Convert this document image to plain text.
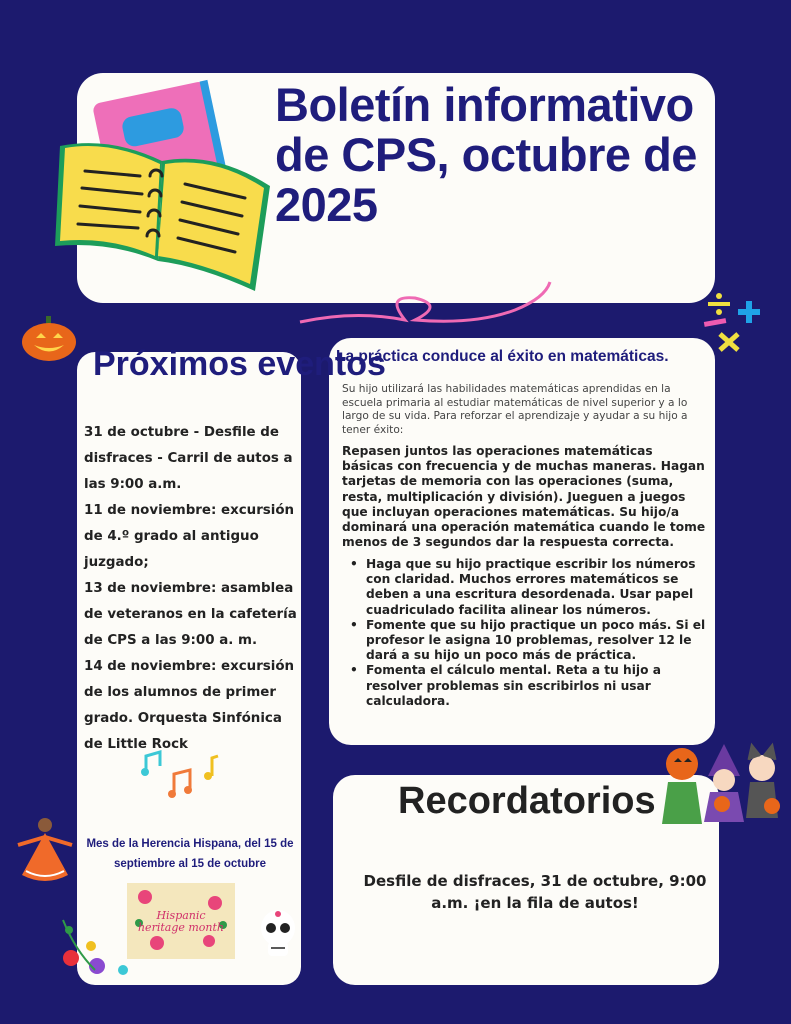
Boletín informativo de CPS, octubre de 2025
Próximos eventos

31 de octubre - Desfile de disfraces - Carril de autos a las 9:00 a.m.

11 de noviembre: excursión de 4.º grado al antiguo juzgado;

13 de noviembre: asamblea de veteranos en la cafetería de CPS a las 9:00 a. m.

14 de noviembre: excursión de los alumnos de primer grado. Orquesta Sinfónica de Little Rock

Hispanic
heritage month
Mes de la Herencia Hispana, del 15 de septiembre al 15 de octubre
La práctica conduce al éxito en matemáticas.
Su hijo utilizará las habilidades matemáticas aprendidas en la escuela primaria al estudiar matemáticas de nivel superior y a lo largo de su vida. Para reforzar el aprendizaje y ayudar a su hijo a tener éxito:
Repasen juntos las operaciones matemáticas básicas con frecuencia y de muchas maneras. Hagan tarjetas de memoria con las operaciones (suma, resta, multiplicación y división). Jueguen a juegos que incluyan operaciones matemáticas. Su hijo/a dominará una operación matemática cuando le tome menos de 3 segundos dar la respuesta correcta.
• Haga que su hijo practique escribir los números con claridad. Muchos errores matemáticos se deben a una escritura desordenada. Usar papel cuadriculado facilita alinear los números.
• Fomente que su hijo practique un poco más. Si el profesor le asigna 10 problemas, resolver 12 le dará a su hijo un poco más de práctica.
• Fomenta el cálculo mental. Reta a tu hijo a resolver problemas sin escribirlos ni usar calculadora.
Recordatorios
Desfile de disfraces, 31 de octubre, 9:00 a.m. ¡en la fila de autos!
